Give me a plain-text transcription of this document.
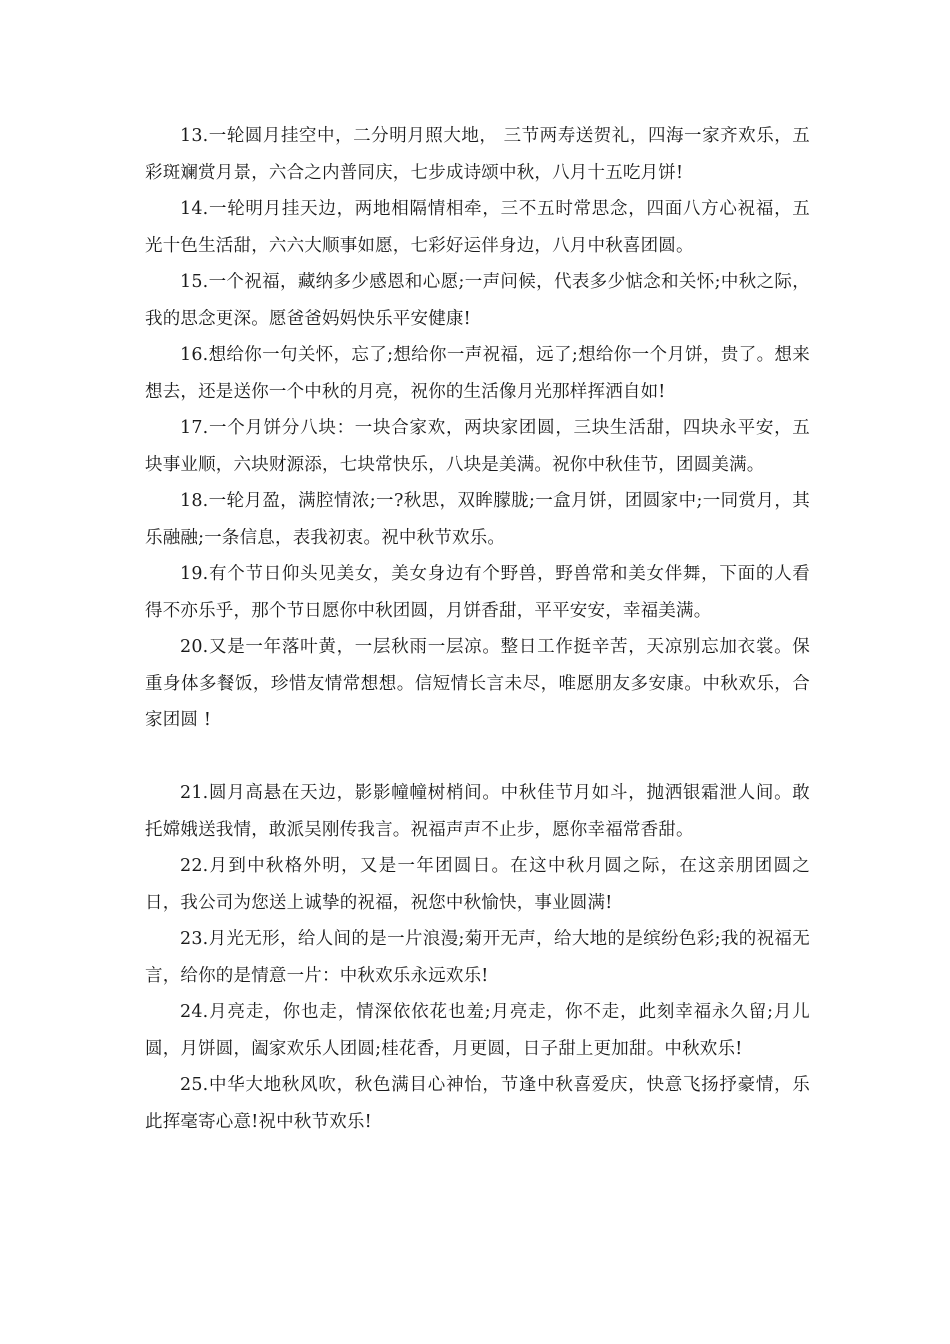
13.一轮圆月挂空中，二分明月照大地， 三节两寿送贺礼，四海一家齐欢乐，五彩斑斓赏月景，六合之内普同庆，七步成诗颂中秋，八月十五吃月饼!

14.一轮明月挂天边，两地相隔情相牵，三不五时常思念，四面八方心祝福，五光十色生活甜，六六大顺事如愿，七彩好运伴身边，八月中秋喜团圆。

15.一个祝福，藏纳多少感恩和心愿;一声问候，代表多少惦念和关怀;中秋之际，我的思念更深。愿爸爸妈妈快乐平安健康!

16.想给你一句关怀，忘了;想给你一声祝福，远了;想给你一个月饼，贵了。想来想去，还是送你一个中秋的月亮，祝你的生活像月光那样挥洒自如!

17.一个月饼分八块：一块合家欢，两块家团圆，三块生活甜，四块永平安，五块事业顺，六块财源添，七块常快乐，八块是美满。祝你中秋佳节，团圆美满。

18.一轮月盈，满腔情浓;一?秋思，双眸朦胧;一盒月饼，团圆家中;一同赏月，其乐融融;一条信息，表我初衷。祝中秋节欢乐。

19.有个节日仰头见美女，美女身边有个野兽，野兽常和美女伴舞，下面的人看得不亦乐乎，那个节日愿你中秋团圆，月饼香甜，平平安安，幸福美满。

20.又是一年落叶黄，一层秋雨一层凉。整日工作挺辛苦，天凉别忘加衣裳。保重身体多餐饭，珍惜友情常想想。信短情长言未尽，唯愿朋友多安康。中秋欢乐，合家团圆 !

21.圆月高悬在天边，影影幢幢树梢间。中秋佳节月如斗，抛洒银霜泄人间。敢托嫦娥送我情，敢派吴刚传我言。祝福声声不止步，愿你幸福常香甜。

22.月到中秋格外明，又是一年团圆日。在这中秋月圆之际，在这亲朋团圆之日，我公司为您送上诚挚的祝福，祝您中秋愉快，事业圆满!

23.月光无形，给人间的是一片浪漫;菊开无声，给大地的是缤纷色彩;我的祝福无言，给你的是情意一片：中秋欢乐永远欢乐!

24.月亮走，你也走，情深依依花也羞;月亮走，你不走，此刻幸福永久留;月儿圆，月饼圆，阖家欢乐人团圆;桂花香，月更圆，日子甜上更加甜。中秋欢乐!

25.中华大地秋风吹，秋色满目心神怡，节逢中秋喜爱庆，快意飞扬抒豪情，乐此挥毫寄心意!祝中秋节欢乐!
